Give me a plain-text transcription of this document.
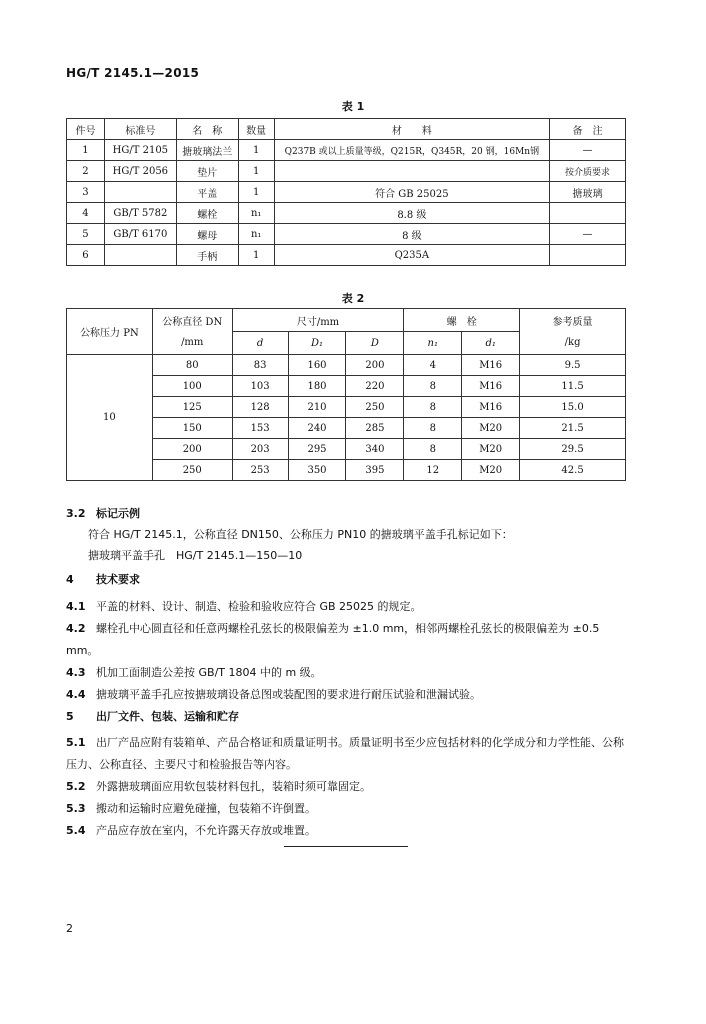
HG/T 2145.1—2015
表 1
件号	标准号	名　称	数量	材　　料	备　注
1	HG/T 2105	搪玻璃法兰	1	Q237B 或以上质量等级，Q215R，Q345R，20 钢，16Mn钢	—
2	HG/T 2056	垫片	1		按介质要求
3		平盖	1	符合 GB 25025	搪玻璃
4	GB/T 5782	螺栓	n₁	8.8 级	
5	GB/T 6170	螺母	n₁	8 级	—
6		手柄	1	Q235A	
表 2
公称压力 PN	公称直径 DN	尺寸/mm			螺　栓		参考质量
	/mm	d	D₁	D	n₁	d₁	/kg
10	80	83	160	200	4	M16	9.5
	100	103	180	220	8	M16	11.5
	125	128	210	250	8	M16	15.0
	150	153	240	285	8	M20	21.5
	200	203	295	340	8	M20	29.5
	250	253	350	395	12	M20	42.5
3.2 标记示例
符合 HG/T 2145.1，公称直径 DN150、公称压力 PN10 的搪玻璃平盖手孔标记如下：
搪玻璃平盖手孔　HG/T 2145.1—150—10
4 技术要求
4.1 平盖的材料、设计、制造、检验和验收应符合 GB 25025 的规定。
4.2 螺栓孔中心圆直径和任意两螺栓孔弦长的极限偏差为 ±1.0 mm，相邻两螺栓孔弦长的极限偏差为 ±0.5 mm。
4.3 机加工面制造公差按 GB/T 1804 中的 m 级。
4.4 搪玻璃平盖手孔应按搪玻璃设备总图或装配图的要求进行耐压试验和泄漏试验。
5 出厂文件、包装、运输和贮存
5.1 出厂产品应附有装箱单、产品合格证和质量证明书。质量证明书至少应包括材料的化学成分和力学性能、公称压力、公称直径、主要尺寸和检验报告等内容。
5.2 外露搪玻璃面应用软包装材料包扎，装箱时须可靠固定。
5.3 搬动和运输时应避免碰撞，包装箱不许倒置。
5.4 产品应存放在室内，不允许露天存放或堆置。
2
